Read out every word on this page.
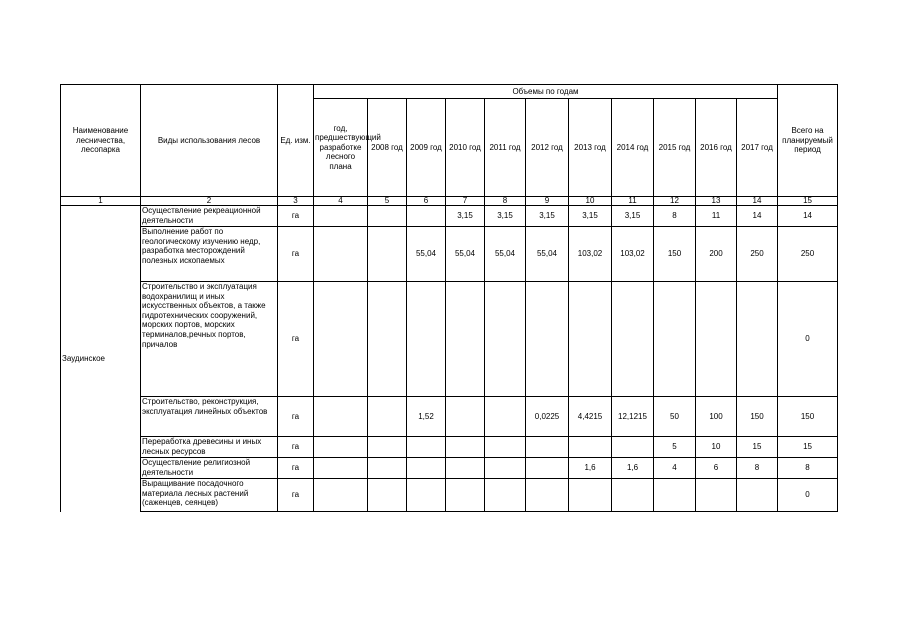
Наименование лесничества, лесопарка	Виды использования лесов	Ед. изм.	Объемы по годам											Всего на планируемый период
			год, предшествующий разработке лесного плана	2008 год	2009 год	2010 год	2011 год	2012 год	2013 год	2014 год	2015 год	2016 год	2017 год	
1	2	3	4	5	6	7	8	9	10	11	12	13	14	15
Заудинское	Осуществление рекреационной деятельности	га				3,15	3,15	3,15	3,15	3,15	8	11	14	14
	Выполнение работ по геологическому изучению недр, разработка месторождений полезных ископаемых	га			55,04	55,04	55,04	55,04	103,02	103,02	150	200	250	250
	Строительство и эксплуатация водохранилищ и иных искусственных объектов, а также гидротехнических сооружений, морских портов, морских терминалов,речных портов, причалов	га												0
	Строительство, реконструкция, эксплуатация линейных объектов	га			1,52			0,0225	4,4215	12,1215	50	100	150	150
	Переработка древесины и иных лесных ресурсов	га									5	10	15	15
	Осуществление религиозной деятельности	га							1,6	1,6	4	6	8	8
	Выращивание посадочного материала лесных растений (саженцев, сеянцев)	га												0
